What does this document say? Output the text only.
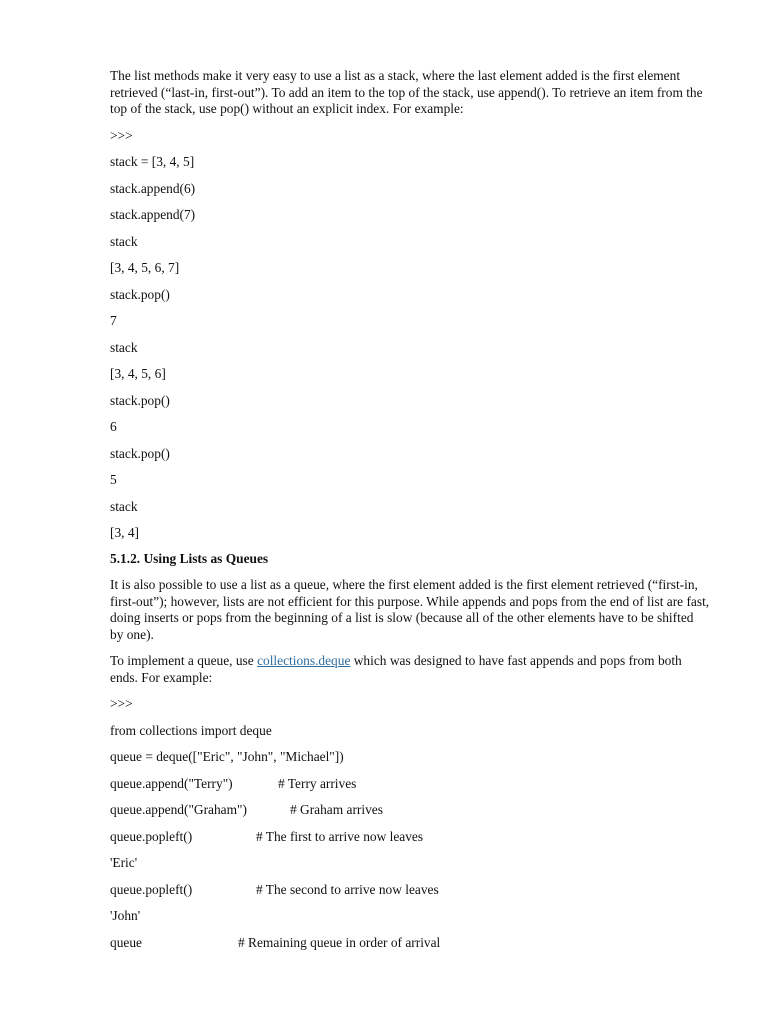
The list methods make it very easy to use a list as a stack, where the last element added is the first element retrieved (“last-in, first-out”). To add an item to the top of the stack, use append(). To retrieve an item from the top of the stack, use pop() without an explicit index. For example:

>>>
stack = [3, 4, 5]
stack.append(6)
stack.append(7)
stack
[3, 4, 5, 6, 7]
stack.pop()
7
stack
[3, 4, 5, 6]
stack.pop()
6
stack.pop()
5
stack
[3, 4]
5.1.2. Using Lists as Queues

It is also possible to use a list as a queue, where the first element added is the first element retrieved (“first-in, first-out”); however, lists are not efficient for this purpose. While appends and pops from the end of list are fast, doing inserts or pops from the beginning of a list is slow (because all of the other elements have to be shifted by one).

To implement a queue, use collections.deque which was designed to have fast appends and pops from both ends. For example:

>>>
from collections import deque
queue = deque(["Eric", "John", "Michael"])
queue.append("Terry")	# Terry arrives
queue.append("Graham")	# Graham arrives
queue.popleft()	# The first to arrive now leaves
'Eric'
queue.popleft()	# The second to arrive now leaves
'John'
queue	# Remaining queue in order of arrival
